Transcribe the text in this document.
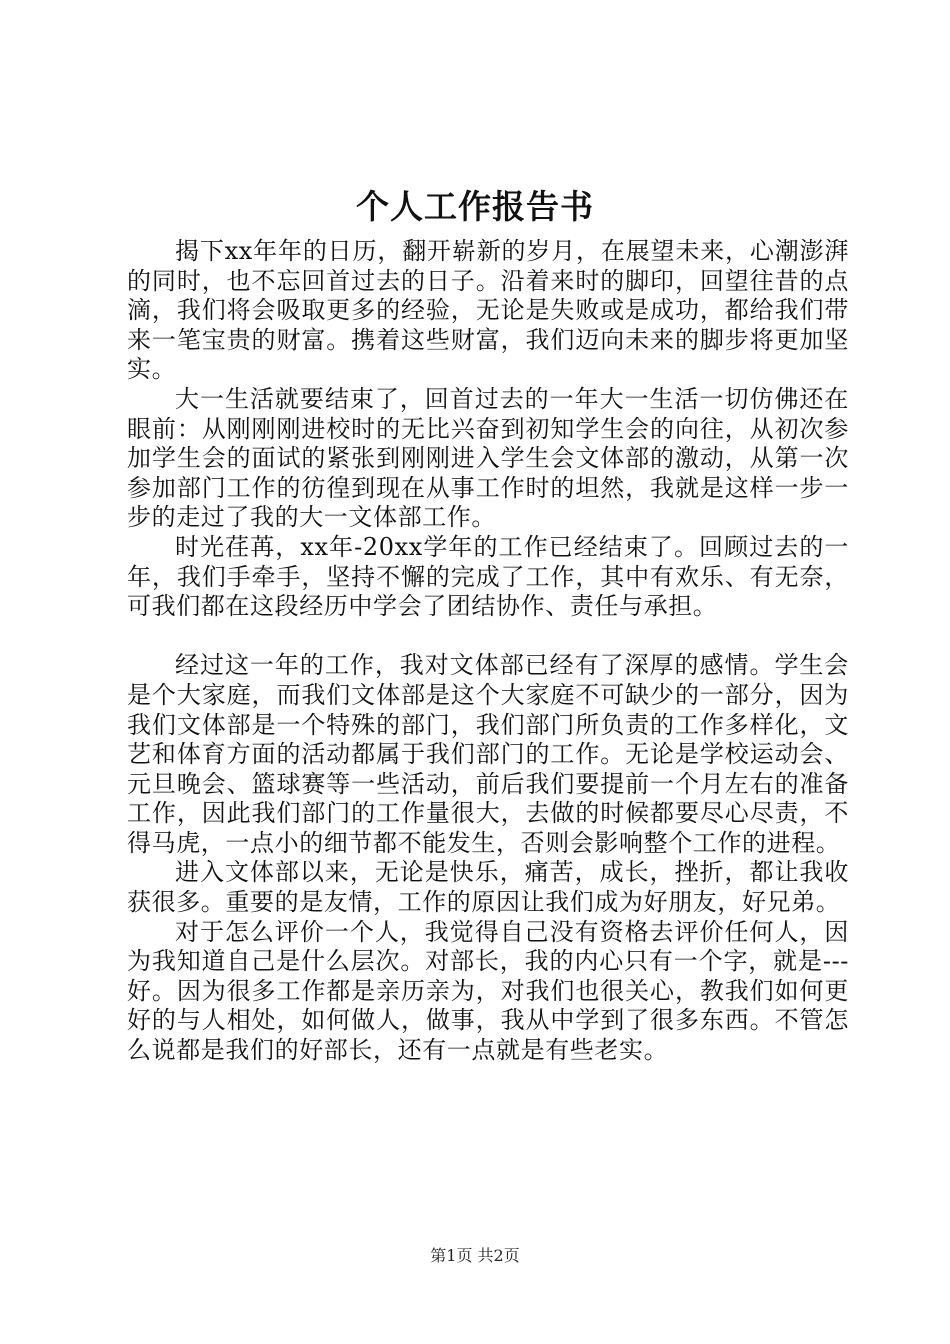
个人工作报告书

揭下xx年年的日历，翻开崭新的岁月，在展望未来，心潮澎湃的同时，也不忘回首过去的日子。沿着来时的脚印，回望往昔的点滴，我们将会吸取更多的经验，无论是失败或是成功，都给我们带来一笔宝贵的财富。携着这些财富，我们迈向未来的脚步将更加坚实。

大一生活就要结束了，回首过去的一年大一生活一切仿佛还在眼前：从刚刚刚进校时的无比兴奋到初知学生会的向往，从初次参加学生会的面试的紧张到刚刚进入学生会文体部的激动，从第一次参加部门工作的彷徨到现在从事工作时的坦然，我就是这样一步一步的走过了我的大一文体部工作。

时光荏苒，xx年-20xx学年的工作已经结束了。回顾过去的一年，我们手牵手，坚持不懈的完成了工作，其中有欢乐、有无奈，可我们都在这段经历中学会了团结协作、责任与承担。

经过这一年的工作，我对文体部已经有了深厚的感情。学生会是个大家庭，而我们文体部是这个大家庭不可缺少的一部分，因为我们文体部是一个特殊的部门，我们部门所负责的工作多样化，文艺和体育方面的活动都属于我们部门的工作。无论是学校运动会、元旦晚会、篮球赛等一些活动，前后我们要提前一个月左右的准备工作，因此我们部门的工作量很大，去做的时候都要尽心尽责，不得马虎，一点小的细节都不能发生，否则会影响整个工作的进程。

进入文体部以来，无论是快乐，痛苦，成长，挫折，都让我收获很多。重要的是友情，工作的原因让我们成为好朋友，好兄弟。

对于怎么评价一个人，我觉得自己没有资格去评价任何人，因为我知道自己是什么层次。对部长，我的内心只有一个字，就是---好。因为很多工作都是亲历亲为，对我们也很关心，教我们如何更好的与人相处，如何做人，做事，我从中学到了很多东西。不管怎么说都是我们的好部长，还有一点就是有些老实。

第1页 共2页
